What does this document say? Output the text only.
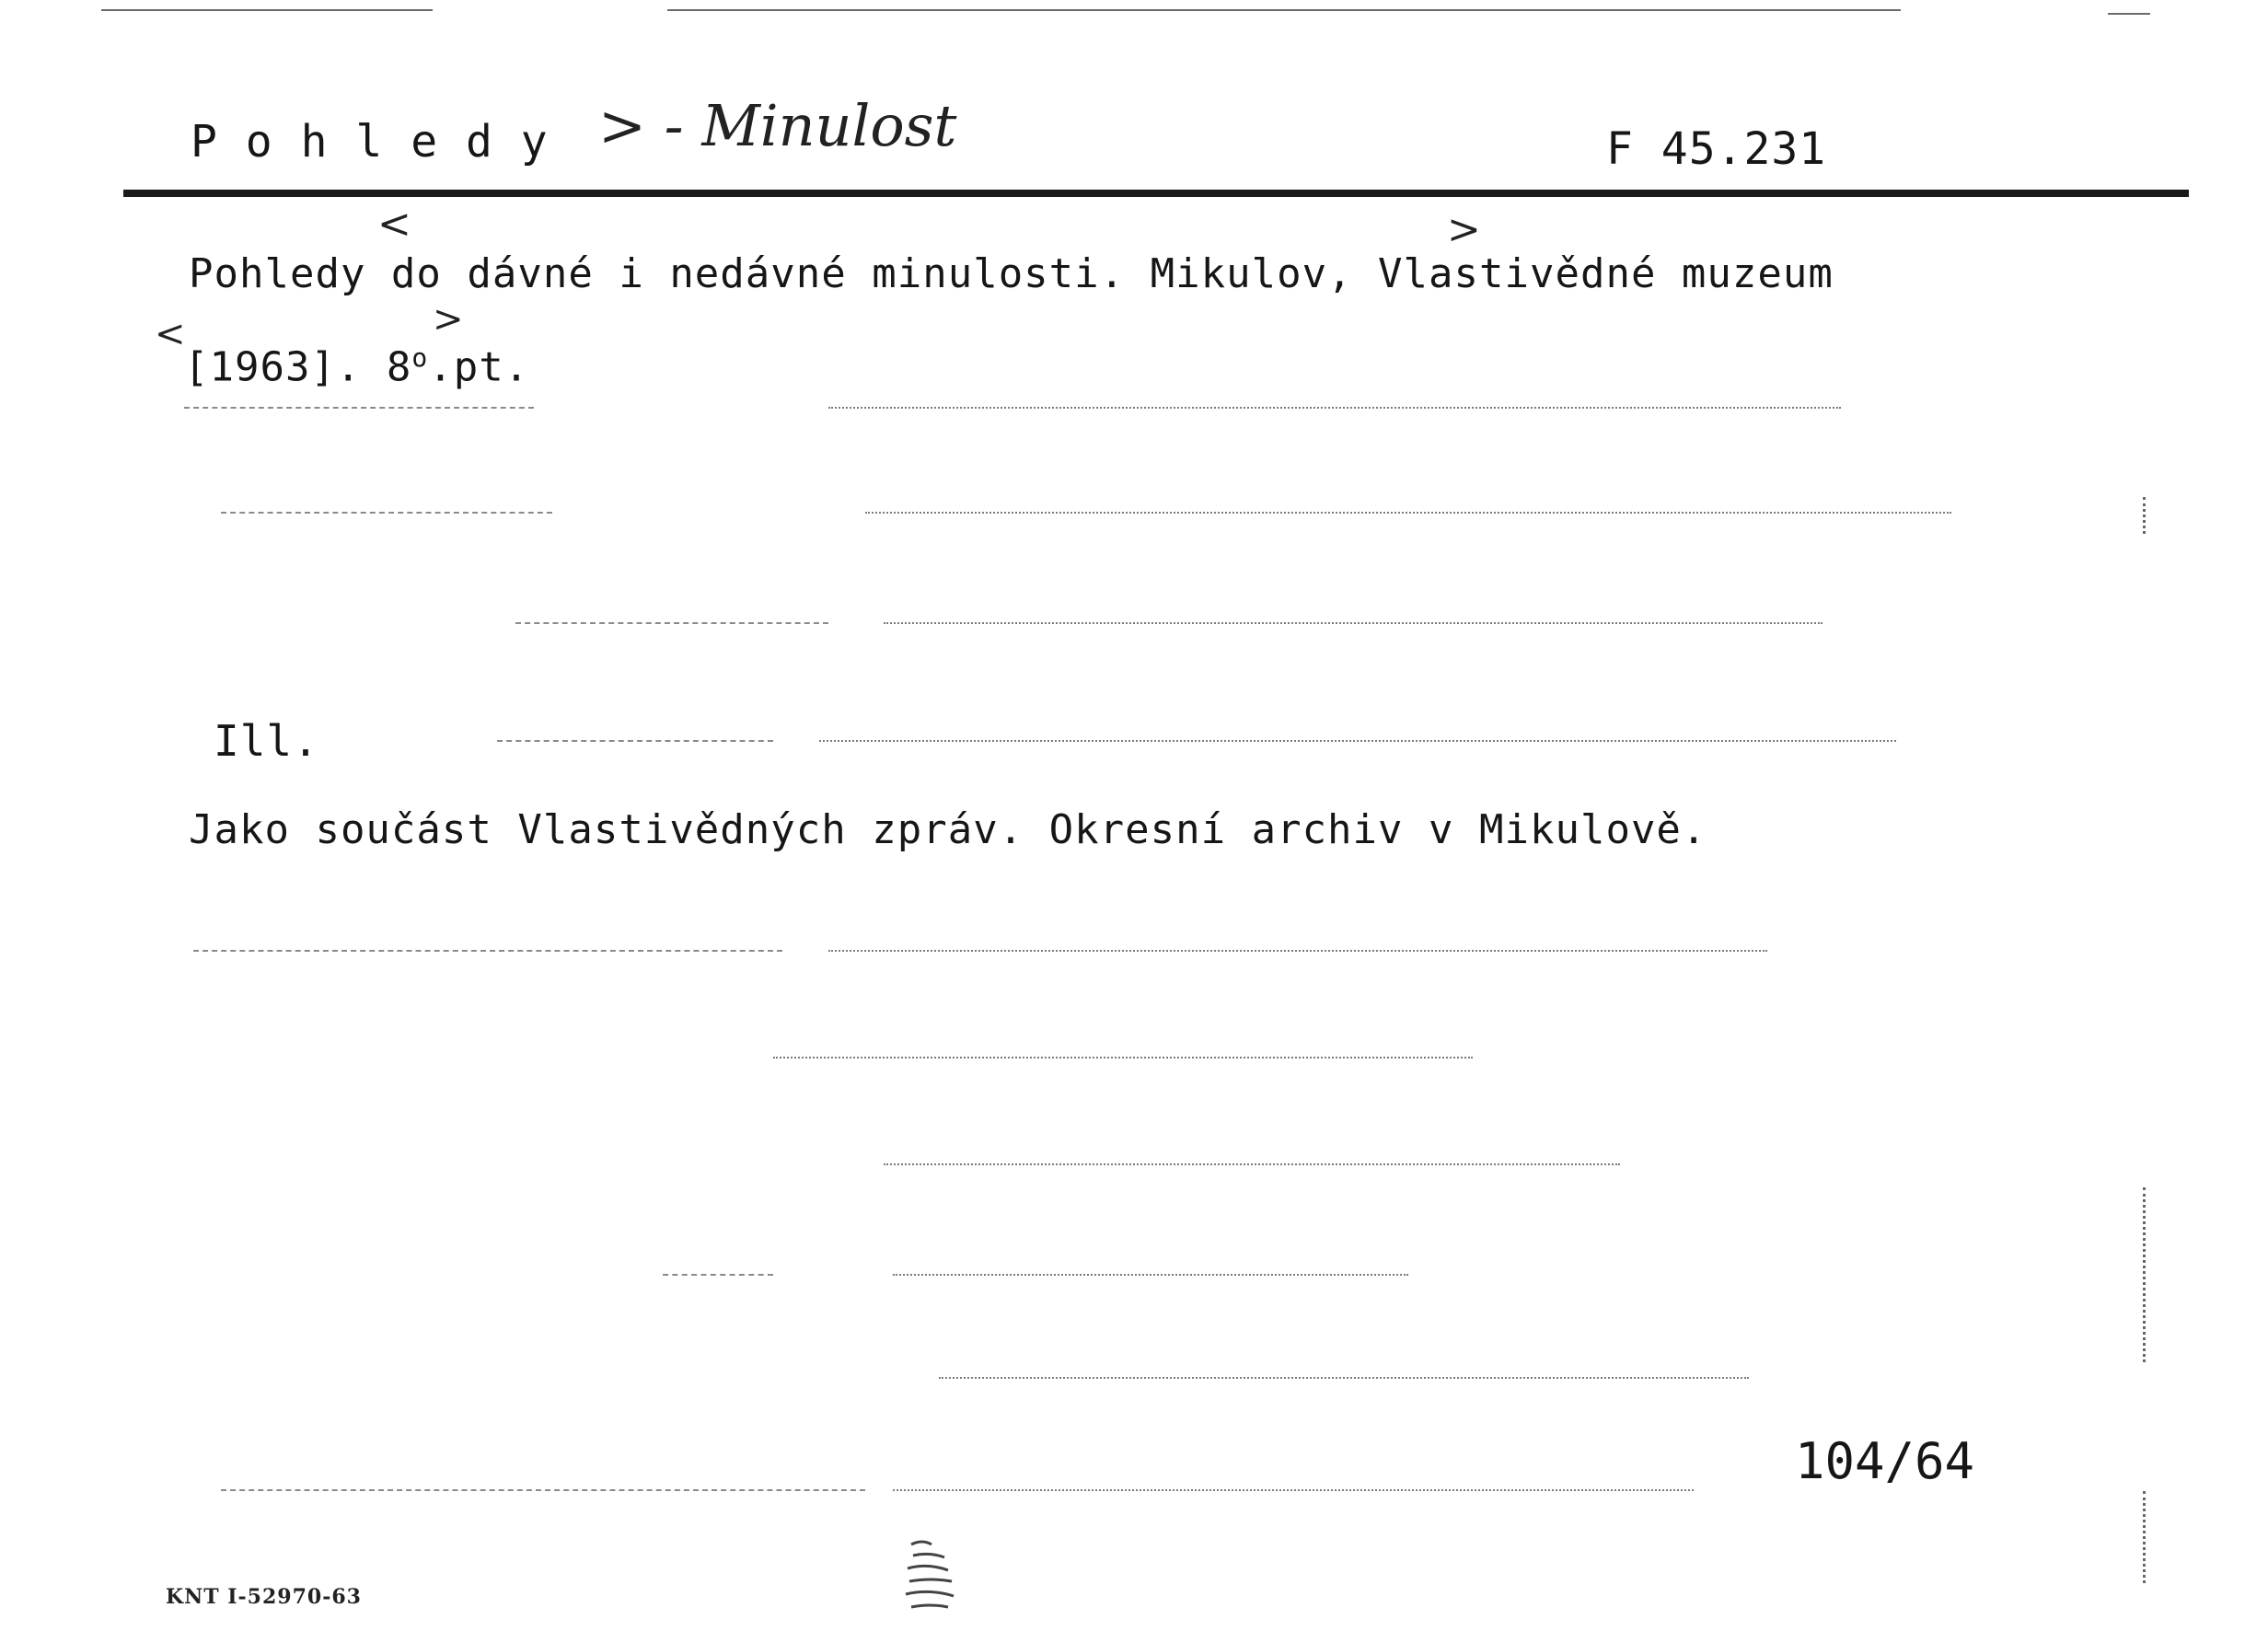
P o h l e d y > - Minulost	F 45.231
<	>
>
<
Pohledy do dávné i nedávné minulosti. Mikulov, Vlastivědné muzeum
[1963]. 8$^o$.pt.
Ill.
Jako součást Vlastivědných zpráv. Okresní archiv v Mikulově.
104/64
KNT I-52970-63
